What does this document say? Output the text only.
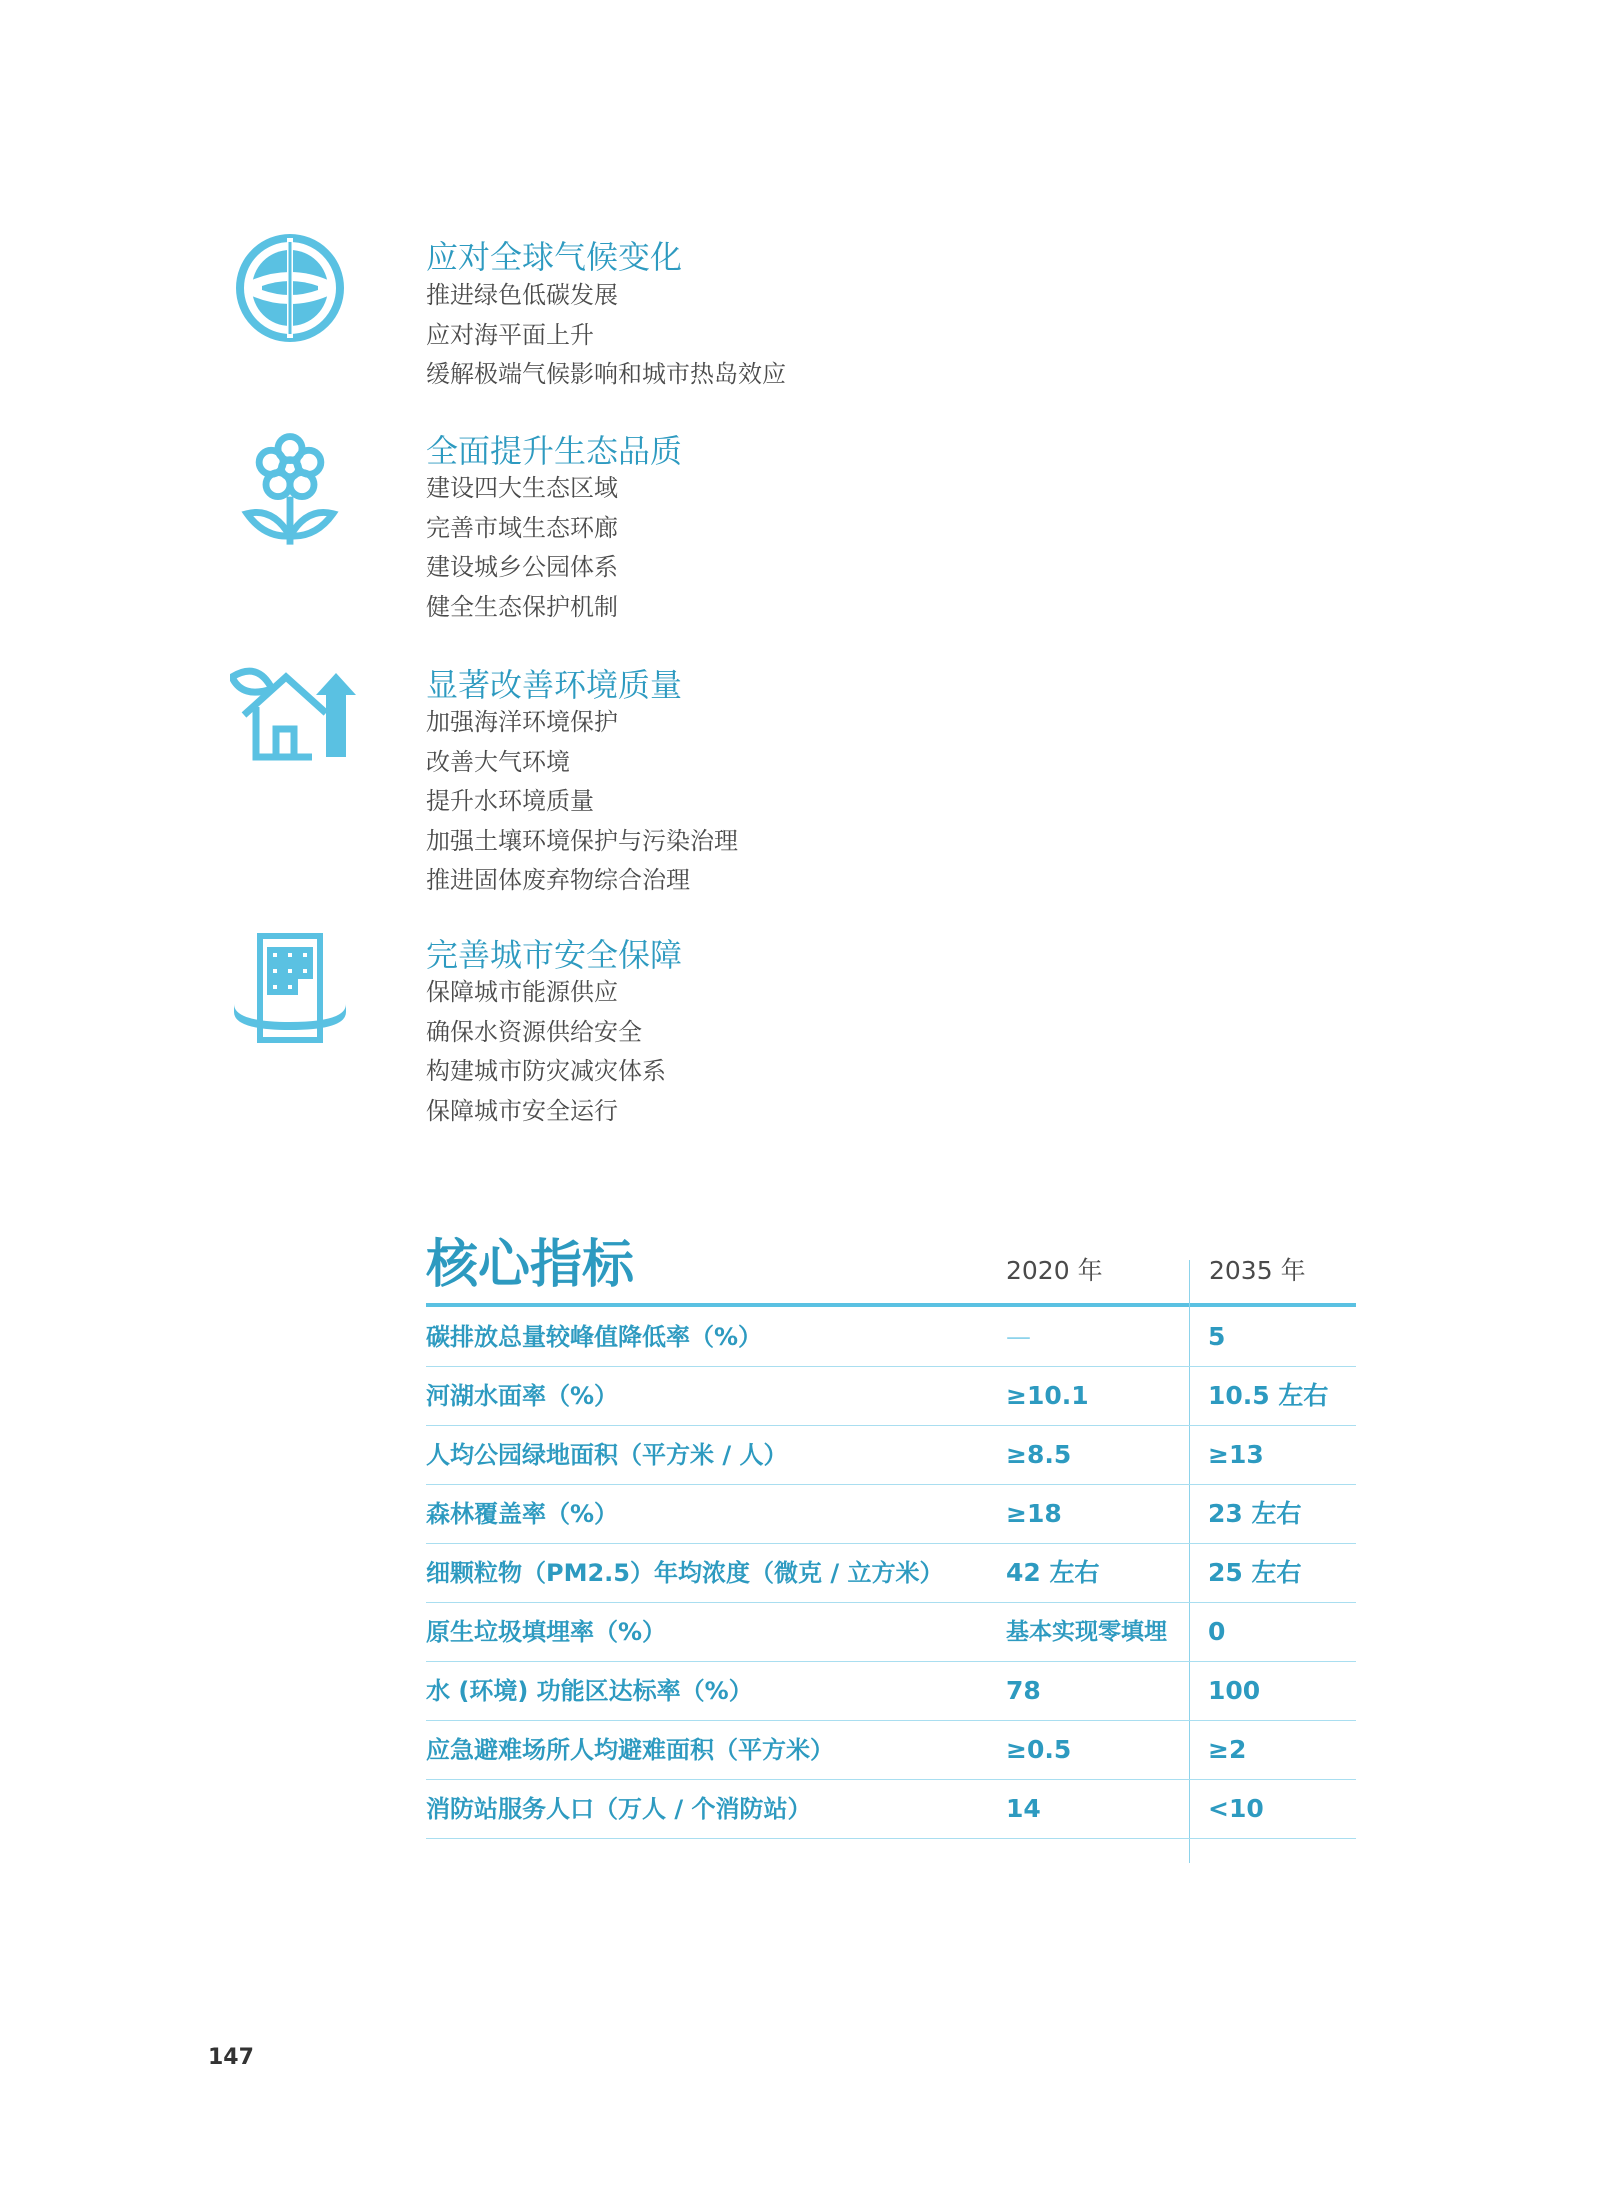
应对全球气候变化
推进绿色低碳发展
应对海平面上升
缓解极端气候影响和城市热岛效应
全面提升生态品质
建设四大生态区域
完善市域生态环廊
建设城乡公园体系
健全生态保护机制
显著改善环境质量
加强海洋环境保护
改善大气环境
提升水环境质量
加强土壤环境保护与污染治理
推进固体废弃物综合治理
完善城市安全保障
保障城市能源供应
确保水资源供给安全
构建城市防灾减灾体系
保障城市安全运行
核心指标	2020 年	2035 年
碳排放总量较峰值降低率（%）	—	5
河湖水面率（%）	≥10.1	10.5 左右
人均公园绿地面积（平方米 / 人）	≥8.5	≥13
森林覆盖率（%）	≥18	23 左右
细颗粒物（PM2.5）年均浓度（微克 / 立方米）	42 左右	25 左右
原生垃圾填埋率（%）	基本实现零填埋 0
水 (环境) 功能区达标率（%）	78	100
应急避难场所人均避难面积（平方米）	≥0.5	≥2
消防站服务人口（万人 / 个消防站）	14	<10
147
